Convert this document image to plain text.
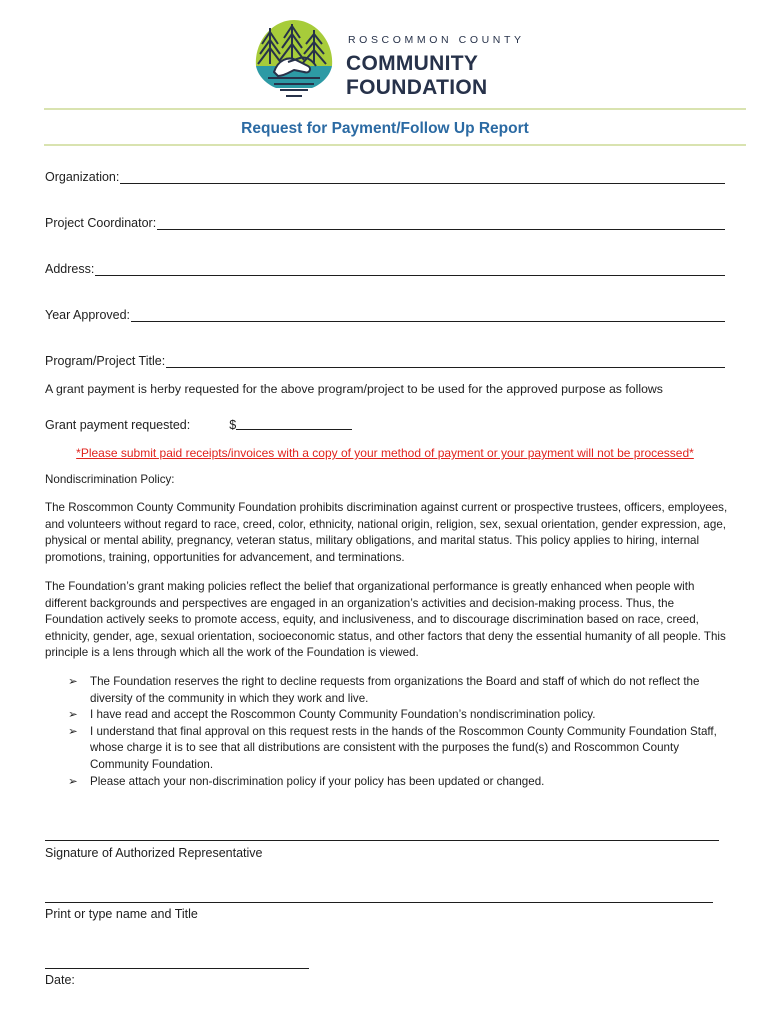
ROSCOMMON COUNTY
COMMUNITY
FOUNDATION
Request for Payment/Follow Up Report
Organization:
Project Coordinator:
Address:
Year Approved:
Program/Project Title:
A grant payment is herby requested for the above program/project to be used for the approved purpose as follows
Grant payment requested:	$
*Please submit paid receipts/invoices with a copy of your method of payment or your payment will not be processed*
Nondiscrimination Policy:
The Roscommon County Community Foundation prohibits discrimination against current or prospective trustees, officers, employees, and volunteers without regard to race, creed, color, ethnicity, national origin, religion, sex, sexual orientation, gender expression, age, physical or mental ability, pregnancy, veteran status, military obligations, and marital status. This policy applies to hiring, internal promotions, training, opportunities for advancement, and terminations.
The Foundation’s grant making policies reflect the belief that organizational performance is greatly enhanced when people with different backgrounds and perspectives are engaged in an organization’s activities and decision-making process. Thus, the Foundation actively seeks to promote access, equity, and inclusiveness, and to discourage discrimination based on race, creed, ethnicity, gender, age, sexual orientation, socioeconomic status, and other factors that deny the essential humanity of all people. This principle is a lens through which all the work of the Foundation is viewed.
➢ The Foundation reserves the right to decline requests from organizations the Board and staff of which do not reflect the diversity of the community in which they work and live.
➢ I have read and accept the Roscommon County Community Foundation’s nondiscrimination policy.
➢ I understand that final approval on this request rests in the hands of the Roscommon County Community Foundation Staff, whose charge it is to see that all distributions are consistent with the purposes the fund(s) and Roscommon County Community Foundation.
➢ Please attach your non-discrimination policy if your policy has been updated or changed.
Signature of Authorized Representative
Print or type name and Title
Date:
